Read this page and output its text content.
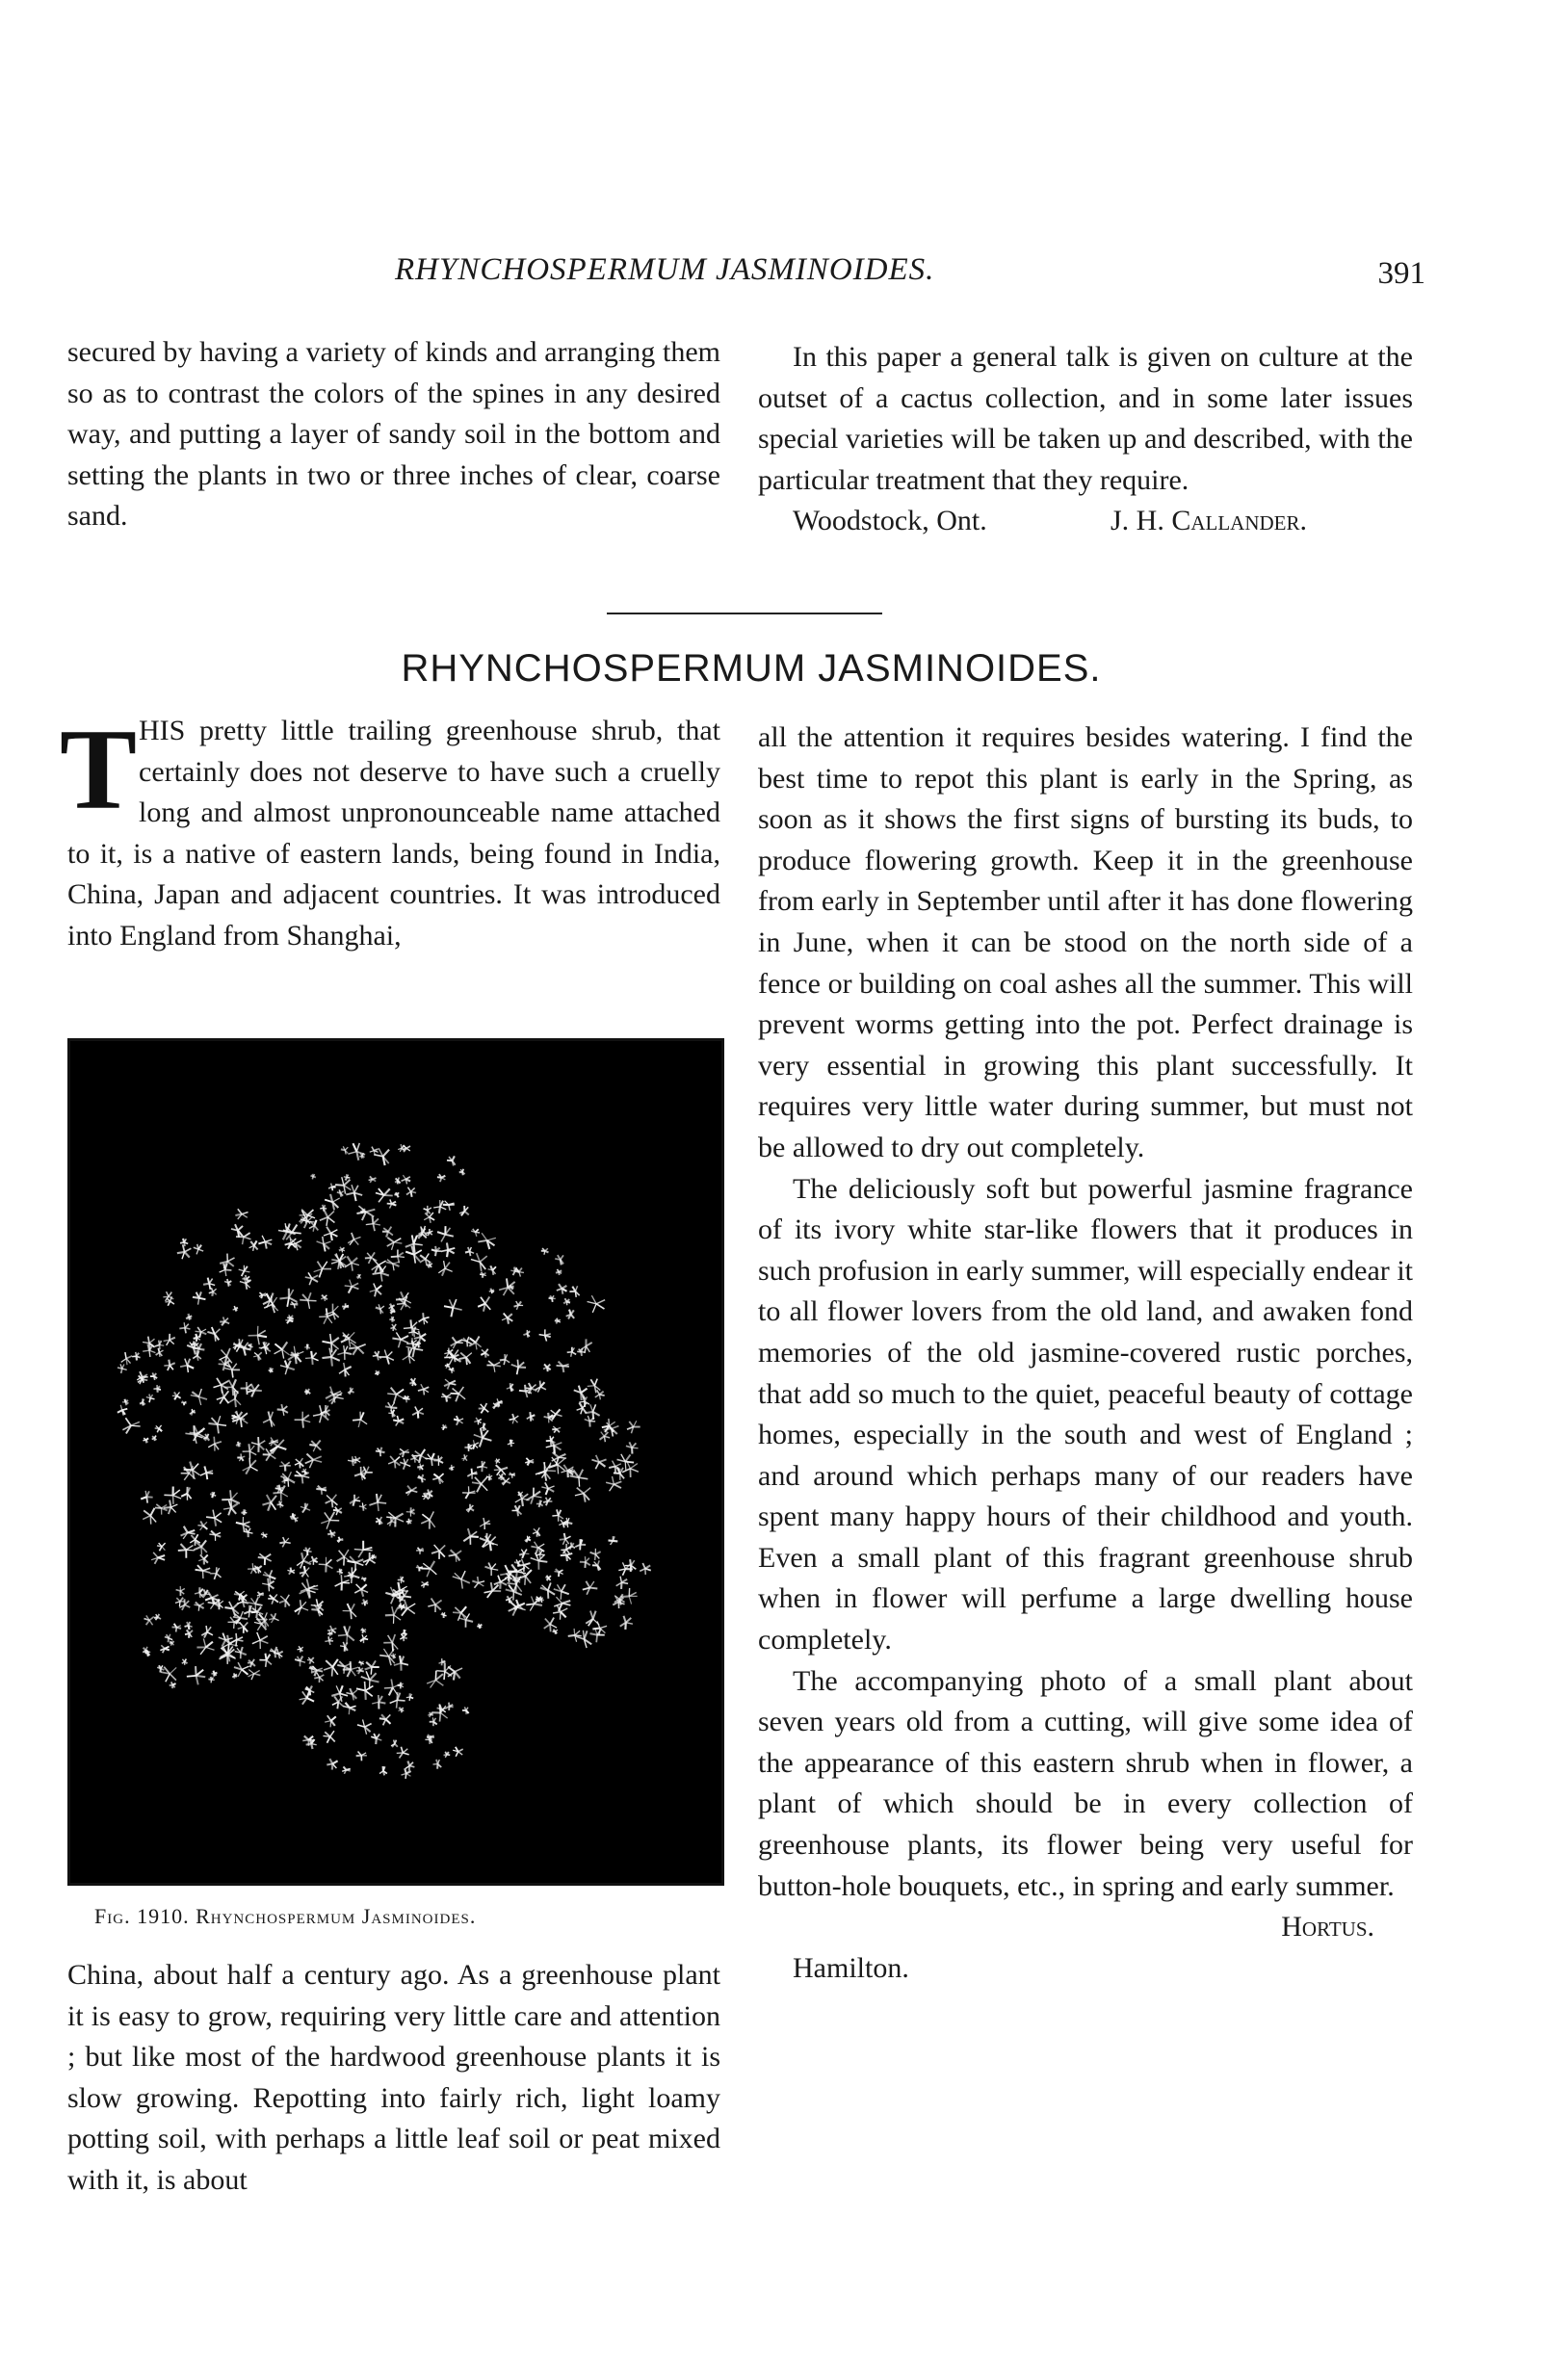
RHYNCHOSPERMUM JASMINOIDES.	391

secured by having a variety of kinds and arranging them so as to contrast the colors of the spines in any desired way, and putting a layer of sandy soil in the bottom and setting the plants in two or three inches of clear, coarse sand.

In this paper a general talk is given on culture at the outset of a cactus collection, and in some later issues special varieties will be taken up and described, with the particular treatment that they require.

Woodstock, Ont.	J. H. Callander.
RHYNCHOSPERMUM JASMINOIDES.

THIS pretty little trailing greenhouse shrub, that certainly does not deserve to have such a cruelly long and almost unpronounceable name attached to it, is a native of eastern lands, being found in India, China, Japan and adjacent countries. It was introduced into England from Shanghai,

Fig. 1910. Rhynchospermum Jasminoides.

China, about half a century ago. As a greenhouse plant it is easy to grow, requiring very little care and attention ; but like most of the hardwood greenhouse plants it is slow growing. Repotting into fairly rich, light loamy potting soil, with perhaps a little leaf soil or peat mixed with it, is about

all the attention it requires besides watering. I find the best time to repot this plant is early in the Spring, as soon as it shows the first signs of bursting its buds, to produce flowering growth. Keep it in the greenhouse from early in September until after it has done flowering in June, when it can be stood on the north side of a fence or building on coal ashes all the summer. This will prevent worms getting into the pot. Perfect drainage is very essential in growing this plant successfully. It requires very little water during summer, but must not be allowed to dry out completely.

The deliciously soft but powerful jasmine fragrance of its ivory white star-like flowers that it produces in such profusion in early summer, will especially endear it to all flower lovers from the old land, and awaken fond memories of the old jasmine-covered rustic porches, that add so much to the quiet, peaceful beauty of cottage homes, especially in the south and west of England ; and around which perhaps many of our readers have spent many happy hours of their childhood and youth. Even a small plant of this fragrant greenhouse shrub when in flower will perfume a large dwelling house completely.

The accompanying photo of a small plant about seven years old from a cutting, will give some idea of the appearance of this eastern shrub when in flower, a plant of which should be in every collection of greenhouse plants, its flower being very useful for button-hole bouquets, etc., in spring and early summer.

Hortus.
Hamilton.
